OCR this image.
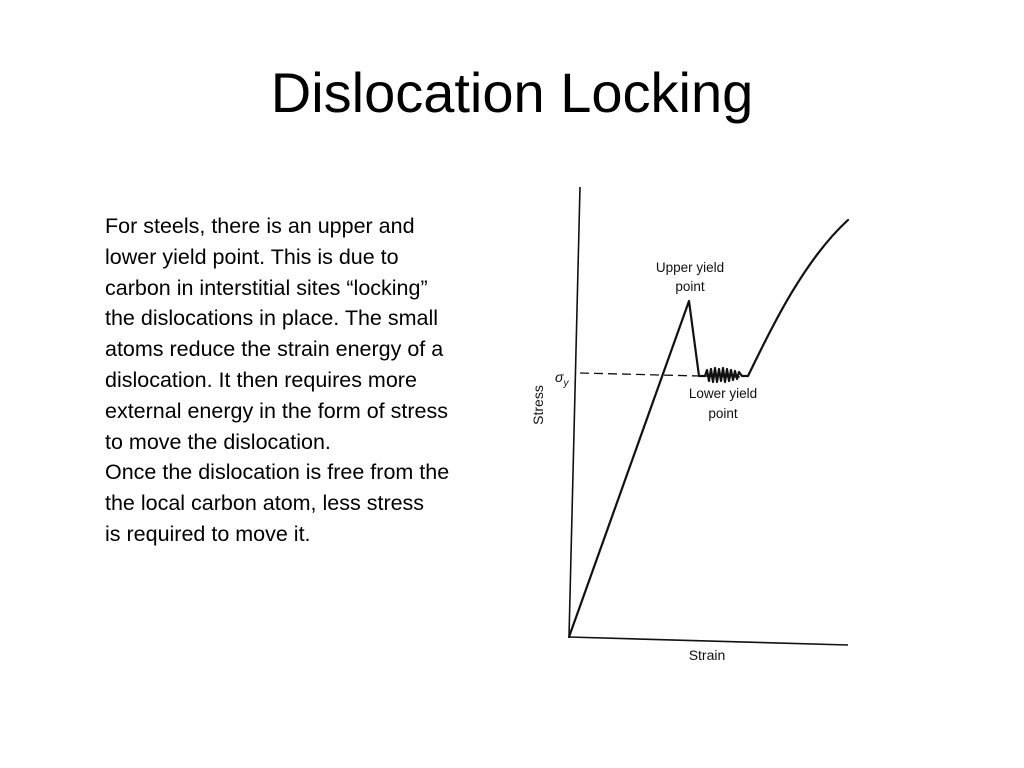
Dislocation Locking
For steels, there is an upper and
lower yield point. This is due to
carbon in interstitial sites “locking”
the dislocations in place. The small
atoms reduce the strain energy of a
dislocation. It then requires more
external energy in the form of stress
to move the dislocation.
Once the dislocation is free from the
the local carbon atom, less stress
is required to move it.
Stress
Strain
$\sigma_y$
Upper yield
point
Lower yield
point
